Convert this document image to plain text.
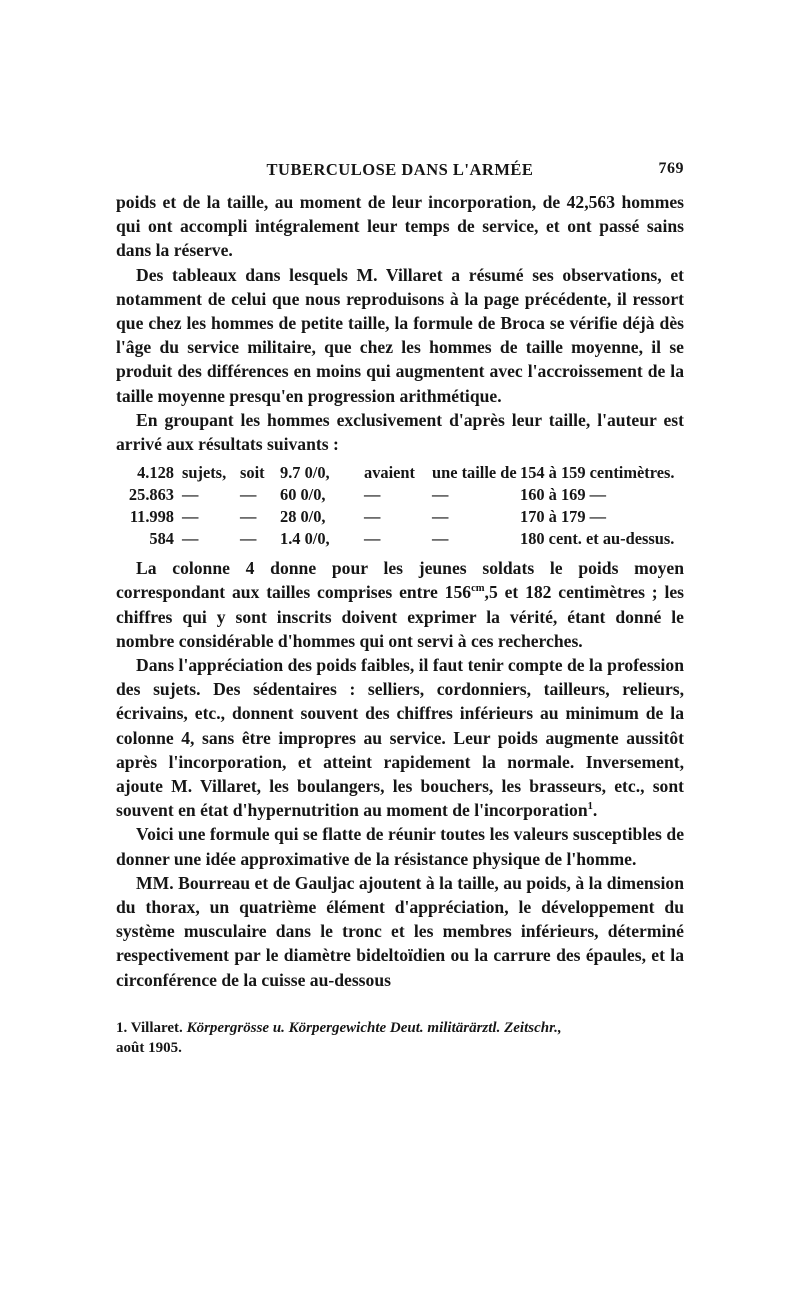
TUBERCULOSE DANS L'ARMÉE	769

poids et de la taille, au moment de leur incorporation, de 42,563 hommes qui ont accompli intégralement leur temps de service, et ont passé sains dans la réserve.

Des tableaux dans lesquels M. Villaret a résumé ses observations, et notamment de celui que nous reproduisons à la page précédente, il ressort que chez les hommes de petite taille, la formule de Broca se vérifie déjà dès l'âge du service militaire, que chez les hommes de taille moyenne, il se produit des différences en moins qui augmentent avec l'accroissement de la taille moyenne presqu'en progression arithmétique.

En groupant les hommes exclusivement d'après leur taille, l'auteur est arrivé aux résultats suivants :

4.128	sujets,	soit	9.7 0/0,	avaient	une taille de	154 à 159 centimètres.
25.863	—	—	60 0/0,	—	—	160 à 169 —
11.998	—	—	28 0/0,	—	—	170 à 179 —
584	—	—	1.4 0/0,	—	—	180 cent. et au-dessus.

La colonne 4 donne pour les jeunes soldats le poids moyen correspondant aux tailles comprises entre $156^{cm},5$ et 182 centimètres ; les chiffres qui y sont inscrits doivent exprimer la vérité, étant donné le nombre considérable d'hommes qui ont servi à ces recherches.

Dans l'appréciation des poids faibles, il faut tenir compte de la profession des sujets. Des sédentaires : selliers, cordonniers, tailleurs, relieurs, écrivains, etc., donnent souvent des chiffres inférieurs au minimum de la colonne 4, sans être impropres au service. Leur poids augmente aussitôt après l'incorporation, et atteint rapidement la normale. Inversement, ajoute M. Villaret, les boulangers, les bouchers, les brasseurs, etc., sont souvent en état d'hypernutrition au moment de l'incorporation$^1$.

Voici une formule qui se flatte de réunir toutes les valeurs susceptibles de donner une idée approximative de la résistance physique de l'homme.

MM. Bourreau et de Gauljac ajoutent à la taille, au poids, à la dimension du thorax, un quatrième élément d'appréciation, le développement du système musculaire dans le tronc et les membres inférieurs, déterminé respectivement par le diamètre bideltoïdien ou la carrure des épaules, et la circonférence de la cuisse au-dessous

1. Villaret. Körpergrösse u. Körpergewichte Deut. militärärztl. Zeitschr.,
août 1905.
